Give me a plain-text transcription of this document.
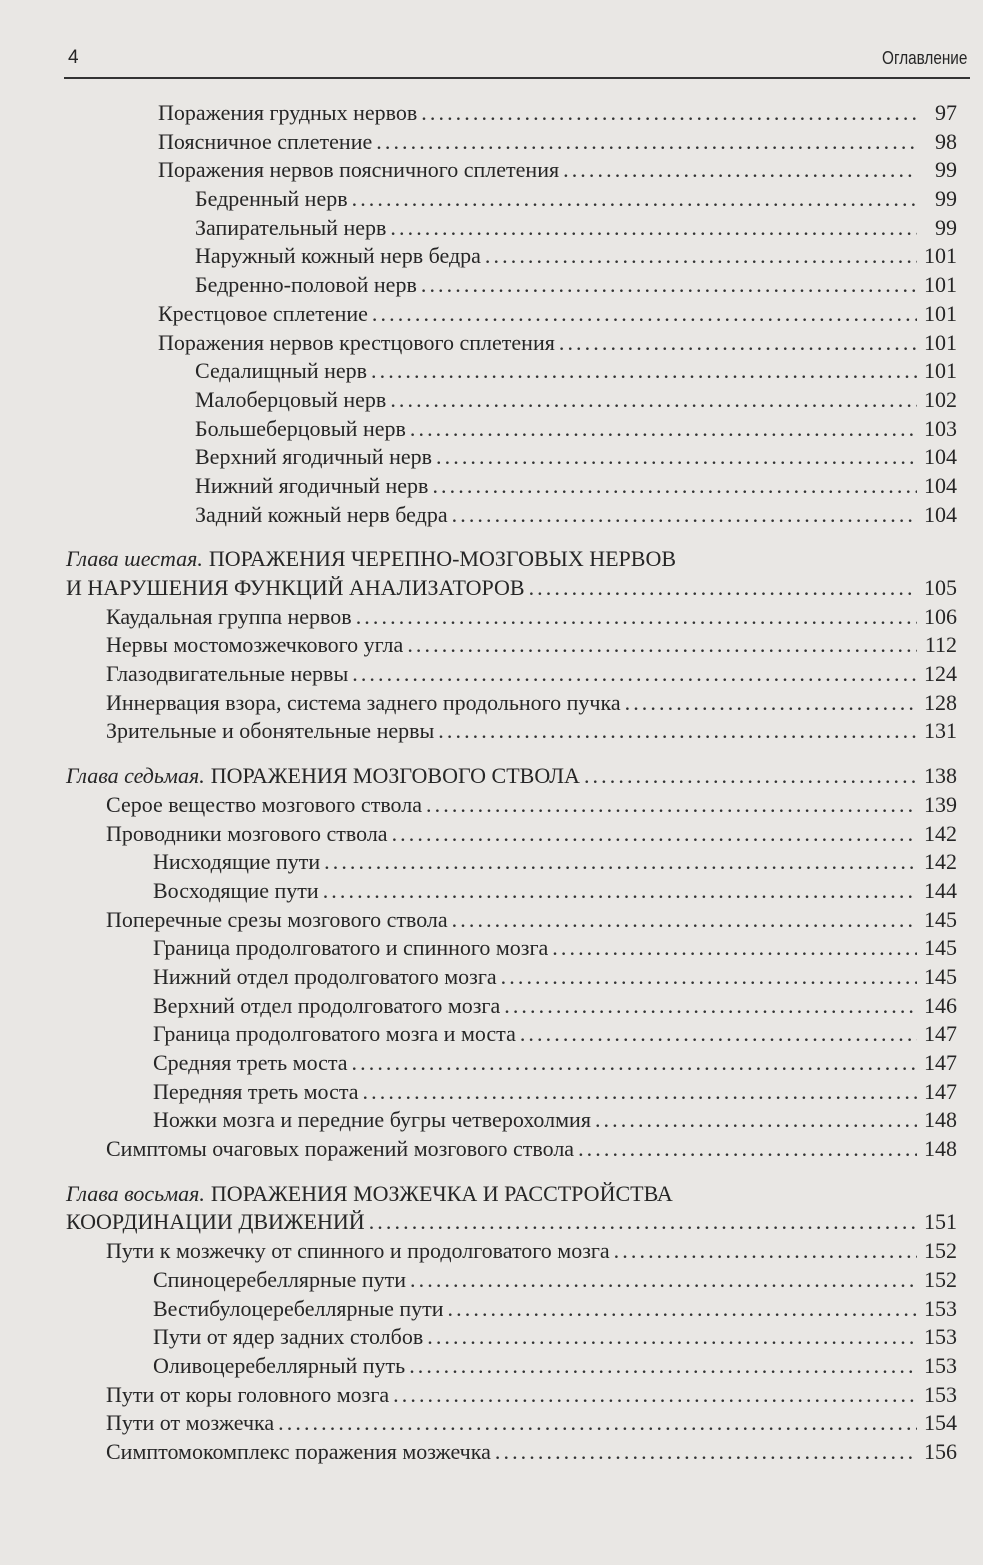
4	Оглавление
Поражения грудных нервов . . .	97
Поясничное сплетение . . .	98
Поражения нервов поясничного сплетения . . .	99
Бедренный нерв . . .	99
Запирательный нерв . . .	99
Наружный кожный нерв бедра . . .	101
Бедренно-половой нерв . . .	101
Крестцовое сплетение . . .	101
Поражения нервов крестцового сплетения . . .	101
Седалищный нерв . . .	101
Малоберцовый нерв . . .	102
Большеберцовый нерв . . .	103
Верхний ягодичный нерв . . .	104
Нижний ягодичный нерв . . .	104
Задний кожный нерв бедра . . .	104
Глава шестая. ПОРАЖЕНИЯ ЧЕРЕПНО-МОЗГОВЫХ НЕРВОВ
И НАРУШЕНИЯ ФУНКЦИЙ АНАЛИЗАТОРОВ . . .	105
Каудальная группа нервов . . .	106
Нервы мостомозжечкового угла . . .	112
Глазодвигательные нервы . . .	124
Иннервация взора, система заднего продольного пучка . . .	128
Зрительные и обонятельные нервы . . .	131
Глава седьмая. ПОРАЖЕНИЯ МОЗГОВОГО СТВОЛА . . .	138
Серое вещество мозгового ствола . . .	139
Проводники мозгового ствола . . .	142
Нисходящие пути . . .	142
Восходящие пути . . .	144
Поперечные срезы мозгового ствола . . .	145
Граница продолговатого и спинного мозга . . .	145
Нижний отдел продолговатого мозга . . .	145
Верхний отдел продолговатого мозга . . .	146
Граница продолговатого мозга и моста . . .	147
Средняя треть моста . . .	147
Передняя треть моста . . .	147
Ножки мозга и передние бугры четверохолмия . . .	148
Симптомы очаговых поражений мозгового ствола . . .	148
Глава восьмая. ПОРАЖЕНИЯ МОЗЖЕЧКА И РАССТРОЙСТВА
КООРДИНАЦИИ ДВИЖЕНИЙ . . .	151
Пути к мозжечку от спинного и продолговатого мозга . . .	152
Спиноцеребеллярные пути . . .	152
Вестибулоцеребеллярные пути . . .	153
Пути от ядер задних столбов . . .	153
Оливоцеребеллярный путь . . .	153
Пути от коры головного мозга . . .	153
Пути от мозжечка . . .	154
Симптомокомплекс поражения мозжечка . . .	156
